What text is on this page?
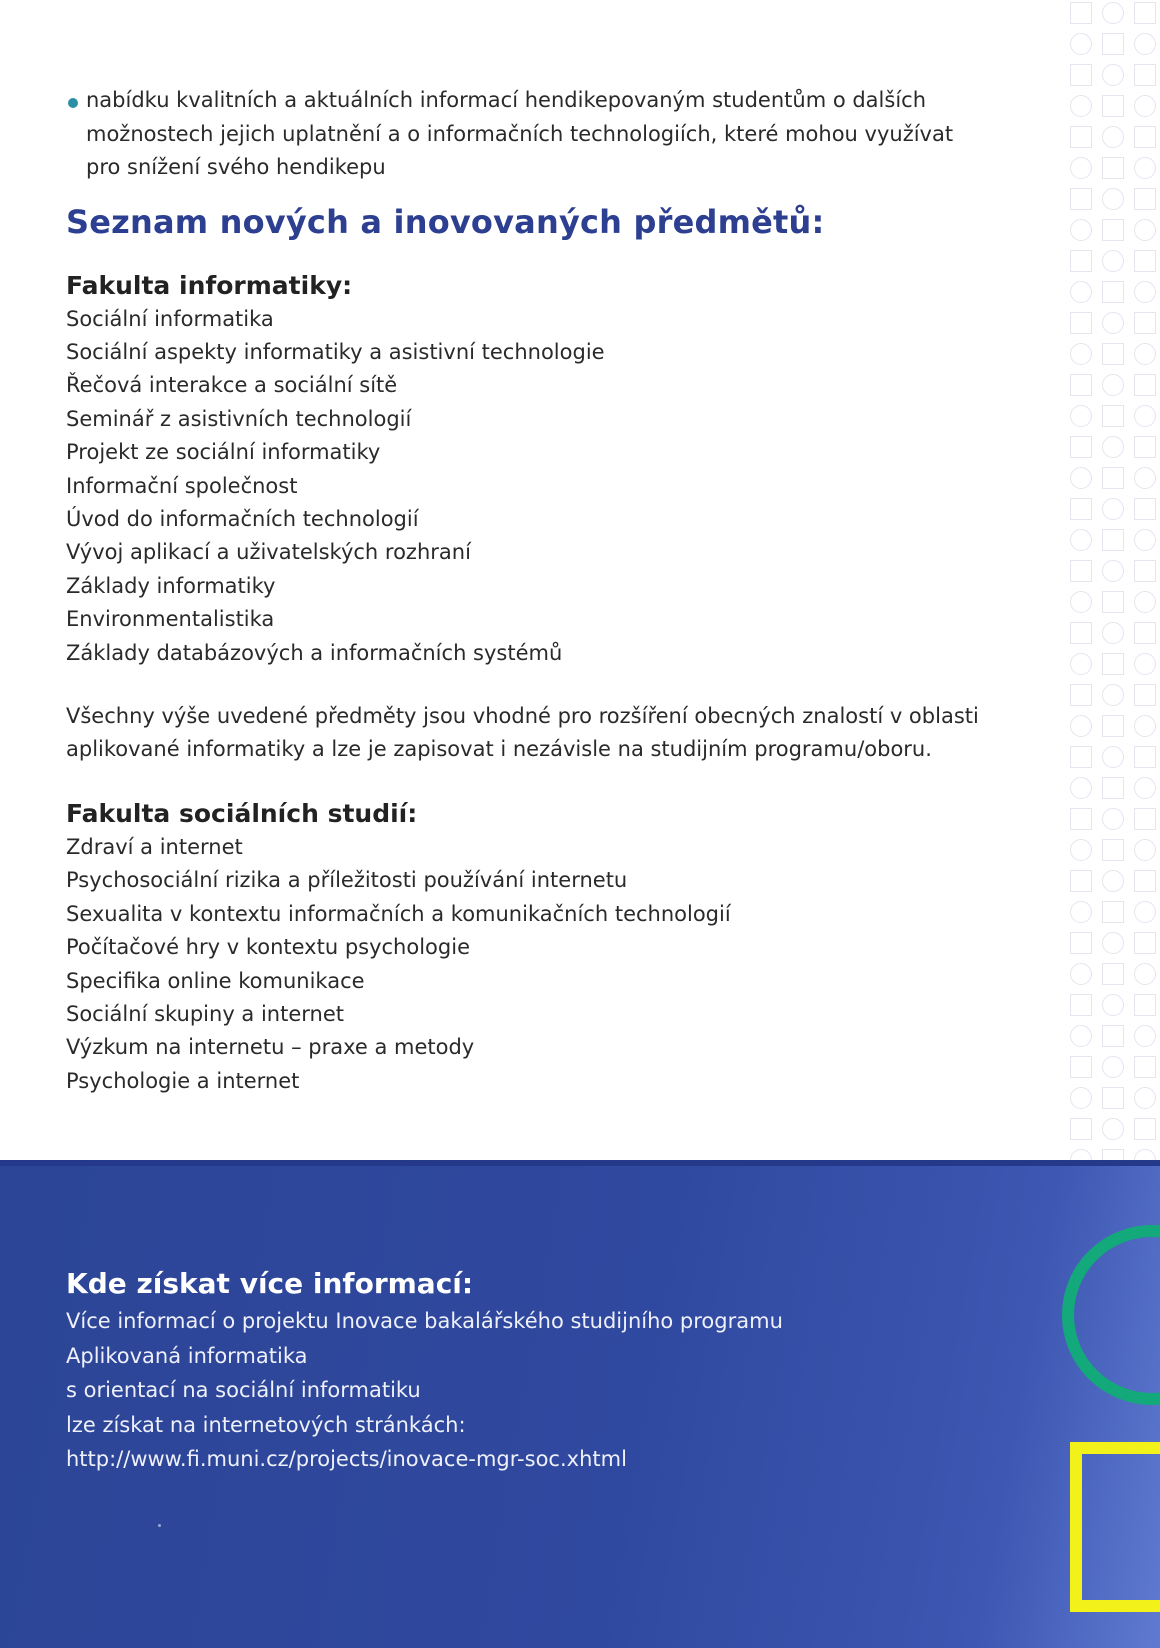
nabídku kvalitních a aktuálních informací hendikepovaným studentům o dalších
možnostech jejich uplatnění a o informačních technologiích, které mohou využívat
pro snížení svého hendikepu
Seznam nových a inovovaných předmětů:
Fakulta informatiky:
Sociální informatika
Sociální aspekty informatiky a asistivní technologie
Řečová interakce a sociální sítě
Seminář z asistivních technologií
Projekt ze sociální informatiky
Informační společnost
Úvod do informačních technologií
Vývoj aplikací a uživatelských rozhraní
Základy informatiky
Environmentalistika
Základy databázových a informačních systémů
Všechny výše uvedené předměty jsou vhodné pro rozšíření obecných znalostí v oblasti
aplikované informatiky a lze je zapisovat i nezávisle na studijním programu/oboru.
Fakulta sociálních studií:
Zdraví a internet
Psychosociální rizika a příležitosti používání internetu
Sexualita v kontextu informačních a komunikačních technologií
Počítačové hry v kontextu psychologie
Specifika online komunikace
Sociální skupiny a internet
Výzkum na internetu – praxe a metody
Psychologie a internet
Kde získat více informací:
Více informací o projektu Inovace bakalářského studijního programu
Aplikovaná informatika
s orientací na sociální informatiku
lze získat na internetových stránkách:
http://www.fi.muni.cz/projects/inovace-mgr-soc.xhtml
